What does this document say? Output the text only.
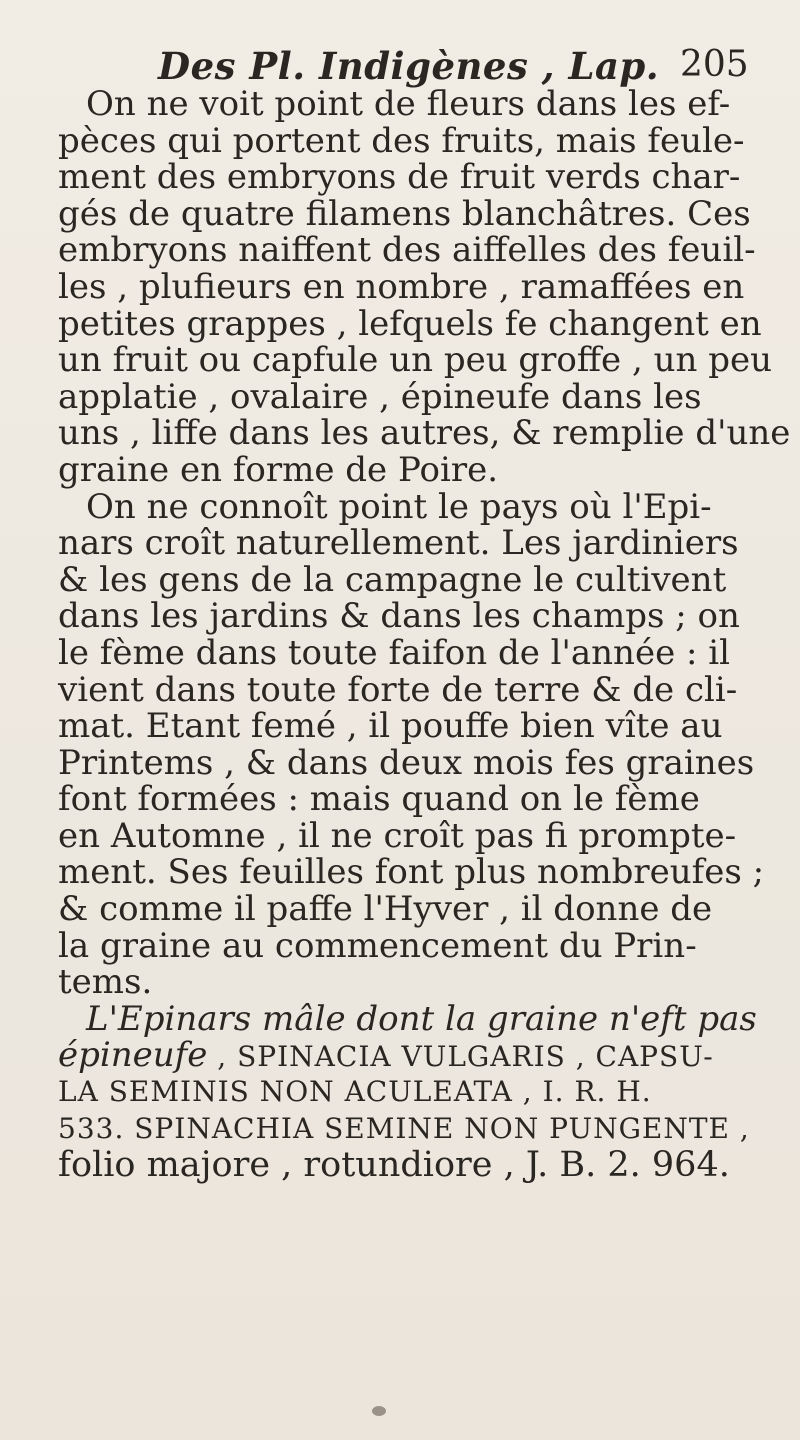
Des Pl. Indigènes , Lap. 205
On ne voit point de fleurs dans les ef-
pèces qui portent des fruits, mais feule-
ment des embryons de fruit verds char-
gés de quatre filamens blanchâtres. Ces
embryons naiffent des aiffelles des feuil-
les , plufieurs en nombre , ramaffées en
petites grappes , lefquels fe changent en
un fruit ou capfule un peu groffe , un peu
applatie , ovalaire , épineufe dans les
uns , liffe dans les autres, & remplie d'une
graine en forme de Poire.
On ne connoît point le pays où l'Epi-
nars croît naturellement. Les jardiniers
& les gens de la campagne le cultivent
dans les jardins & dans les champs ; on
le fème dans toute faifon de l'année : il
vient dans toute forte de terre & de cli-
mat. Etant femé , il pouffe bien vîte au
Printems , & dans deux mois fes graines
font formées : mais quand on le fème
en Automne , il ne croît pas fi prompte-
ment. Ses feuilles font plus nombreufes ;
& comme il paffe l'Hyver , il donne de
la graine au commencement du Prin-
tems.
L'Epinars mâle dont la graine n'eft pas
épineufe , SPINACIA VULGARIS , CAPSU-
LA SEMINIS NON ACULEATA , I. R. H.
533. SPINACHIA SEMINE NON PUNGENTE ,
folio majore , rotundiore , J. B. 2. 964.
